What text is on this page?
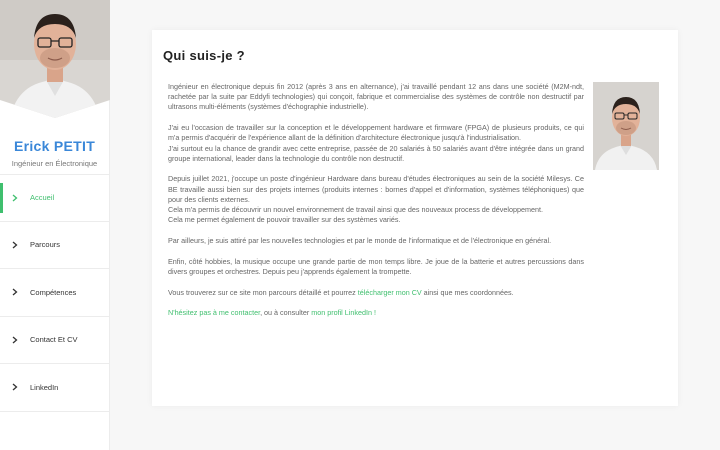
Erick PETIT
Ingénieur en Électronique
Accueil
Parcours
Compétences
Contact Et CV
LinkedIn
Qui suis-je ?

Ingénieur en électronique depuis fin 2012 (après 3 ans en alternance), j'ai travaillé pendant 12 ans dans une société (M2M-ndt, rachetée par la suite par Eddyfi technologies) qui conçoit, fabrique et commercialise des systèmes de contrôle non destructif par ultrasons multi-éléments (systèmes d'échographie industrielle).

J'ai eu l'occasion de travailler sur la conception et le développement hardware et firmware (FPGA) de plusieurs produits, ce qui m'a permis d'acquérir de l'expérience allant de la définition d'architecture électronique jusqu'à l'industrialisation.
J'ai surtout eu la chance de grandir avec cette entreprise, passée de 20 salariés à 50 salariés avant d'être intégrée dans un grand groupe international, leader dans la technologie du contrôle non destructif.

Depuis juillet 2021, j'occupe un poste d'ingénieur Hardware dans bureau d'études électroniques au sein de la société Milesys. Ce BE travaille aussi bien sur des projets internes (produits internes : bornes d'appel et d'information, systèmes téléphoniques) que pour des clients externes.
Cela m'a permis de découvrir un nouvel environnement de travail ainsi que des nouveaux process de développement.
Cela me permet également de pouvoir travailler sur des systèmes variés.

Par ailleurs, je suis attiré par les nouvelles technologies et par le monde de l'informatique et de l'électronique en général.

Enfin, côté hobbies, la musique occupe une grande partie de mon temps libre. Je joue de la batterie et autres percussions dans divers groupes et orchestres. Depuis peu j'apprends également la trompette.

Vous trouverez sur ce site mon parcours détaillé et pourrez télécharger mon CV ainsi que mes coordonnées.

N'hésitez pas à me contacter, ou à consulter mon profil LinkedIn !
